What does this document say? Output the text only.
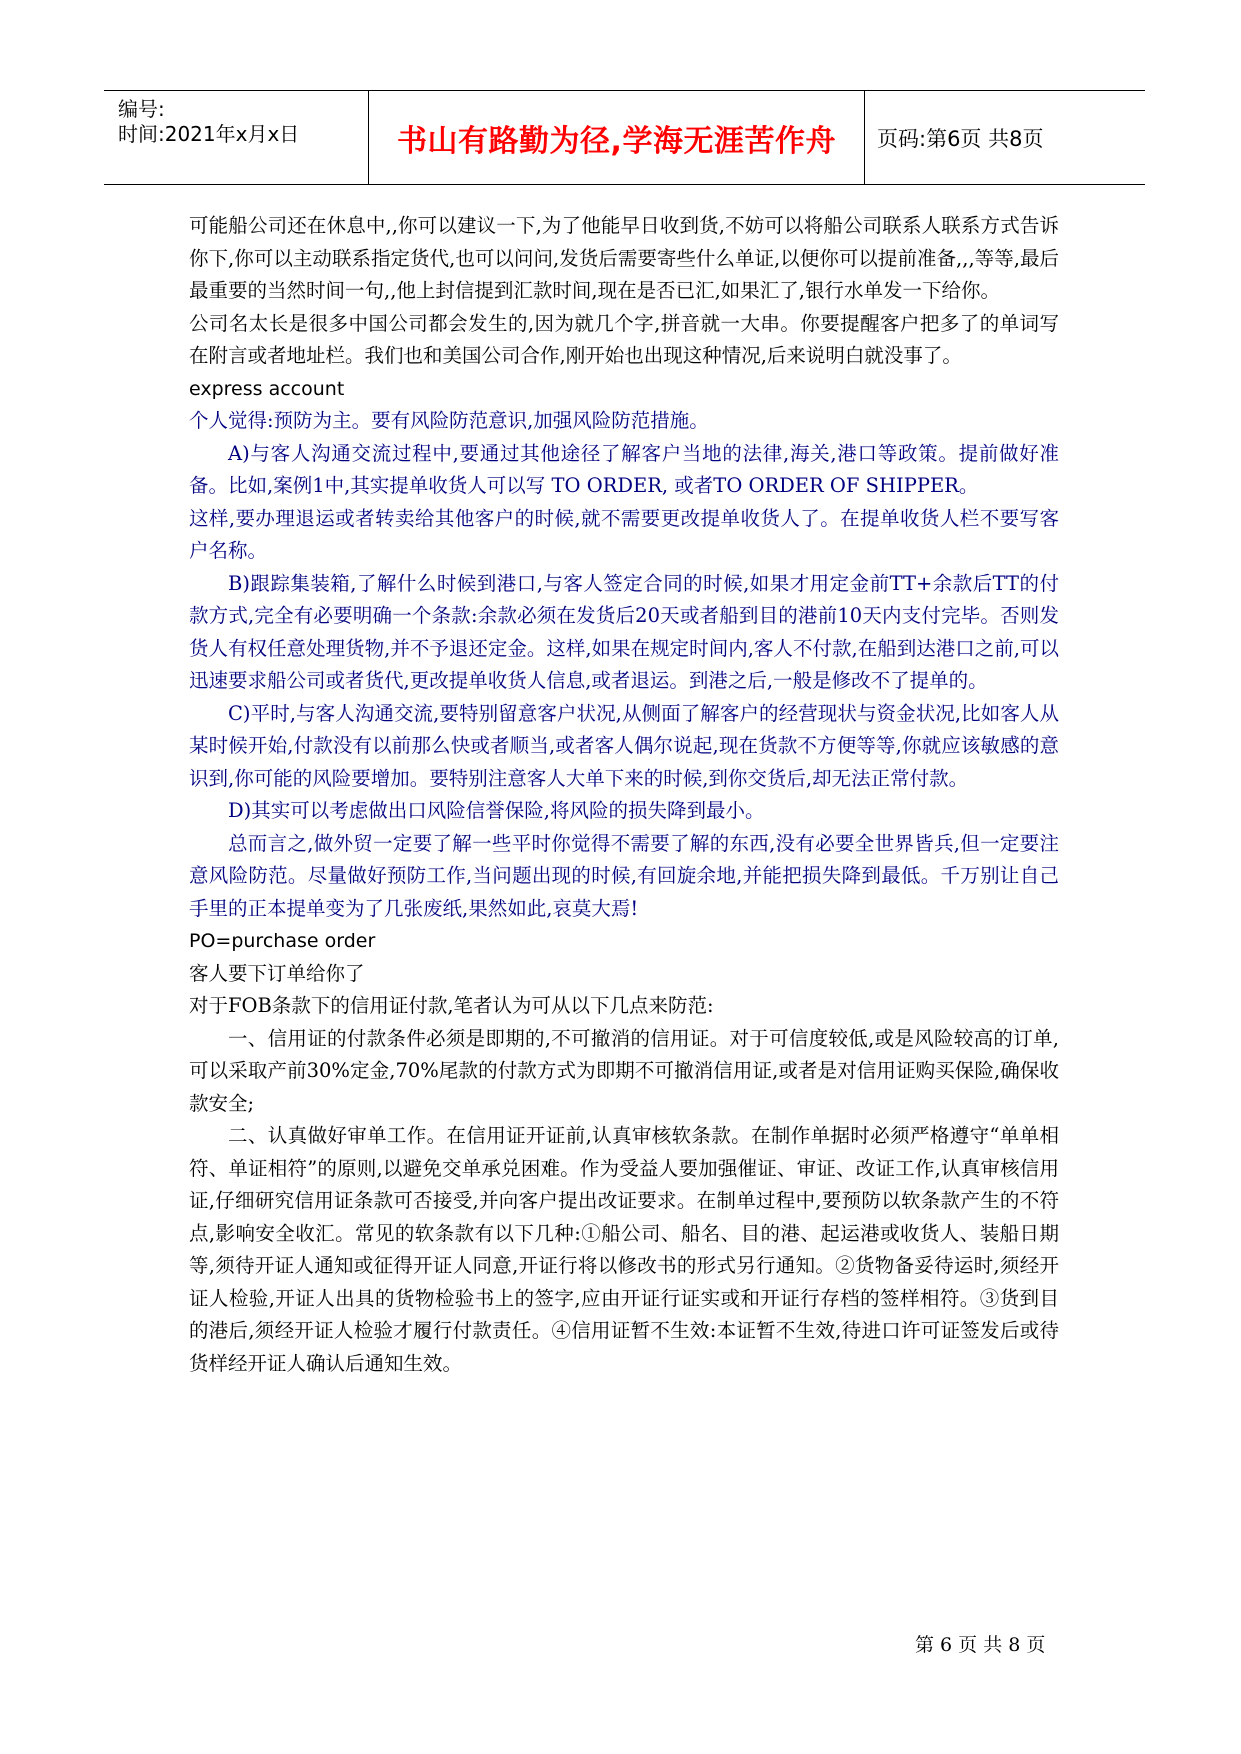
编号:
时间:2021年x月x日	书山有路勤为径,学海无涯苦作舟 页码:第6页 共8页

可能船公司还在休息中,,你可以建议一下,为了他能早日收到货,不妨可以将船公司联系人联系方式告诉你下,你可以主动联系指定货代,也可以问问,发货后需要寄些什么单证,以便你可以提前准备,,,等等,最后最重要的当然时间一句,,他上封信提到汇款时间,现在是否已汇,如果汇了,银行水单发一下给你。

公司名太长是很多中国公司都会发生的,因为就几个字,拼音就一大串。你要提醒客户把多了的单词写在附言或者地址栏。我们也和美国公司合作,刚开始也出现这种情况,后来说明白就没事了。

express account

个人觉得:预防为主。要有风险防范意识,加强风险防范措施。

A)与客人沟通交流过程中,要通过其他途径了解客户当地的法律,海关,港口等政策。提前做好准备。比如,案例1中,其实提单收货人可以写 TO ORDER, 或者TO ORDER OF SHIPPER。

这样,要办理退运或者转卖给其他客户的时候,就不需要更改提单收货人了。在提单收货人栏不要写客户名称。

B)跟踪集装箱,了解什么时候到港口,与客人签定合同的时候,如果才用定金前TT+余款后TT的付款方式,完全有必要明确一个条款:余款必须在发货后20天或者船到目的港前10天内支付完毕。否则发货人有权任意处理货物,并不予退还定金。这样,如果在规定时间内,客人不付款,在船到达港口之前,可以迅速要求船公司或者货代,更改提单收货人信息,或者退运。到港之后,一般是修改不了提单的。

C)平时,与客人沟通交流,要特别留意客户状况,从侧面了解客户的经营现状与资金状况,比如客人从某时候开始,付款没有以前那么快或者顺当,或者客人偶尔说起,现在货款不方便等等,你就应该敏感的意识到,你可能的风险要增加。要特别注意客人大单下来的时候,到你交货后,却无法正常付款。

D)其实可以考虑做出口风险信誉保险,将风险的损失降到最小。

总而言之,做外贸一定要了解一些平时你觉得不需要了解的东西,没有必要全世界皆兵,但一定要注意风险防范。尽量做好预防工作,当问题出现的时候,有回旋余地,并能把损失降到最低。千万别让自己手里的正本提单变为了几张废纸,果然如此,哀莫大焉!

PO=purchase order

客人要下订单给你了

对于FOB条款下的信用证付款,笔者认为可从以下几点来防范:

一、信用证的付款条件必须是即期的,不可撤消的信用证。对于可信度较低,或是风险较高的订单,可以采取产前30%定金,70%尾款的付款方式为即期不可撤消信用证,或者是对信用证购买保险,确保收款安全;

二、认真做好审单工作。在信用证开证前,认真审核软条款。在制作单据时必须严格遵守“单单相符、单证相符”的原则,以避免交单承兑困难。作为受益人要加强催证、审证、改证工作,认真审核信用证,仔细研究信用证条款可否接受,并向客户提出改证要求。在制单过程中,要预防以软条款产生的不符点,影响安全收汇。常见的软条款有以下几种:①船公司、船名、目的港、起运港或收货人、装船日期等,须待开证人通知或征得开证人同意,开证行将以修改书的形式另行通知。②货物备妥待运时,须经开证人检验,开证人出具的货物检验书上的签字,应由开证行证实或和开证行存档的签样相符。③货到目的港后,须经开证人检验才履行付款责任。④信用证暂不生效:本证暂不生效,待进口许可证签发后或待货样经开证人确认后通知生效。

第 6 页 共 8 页
